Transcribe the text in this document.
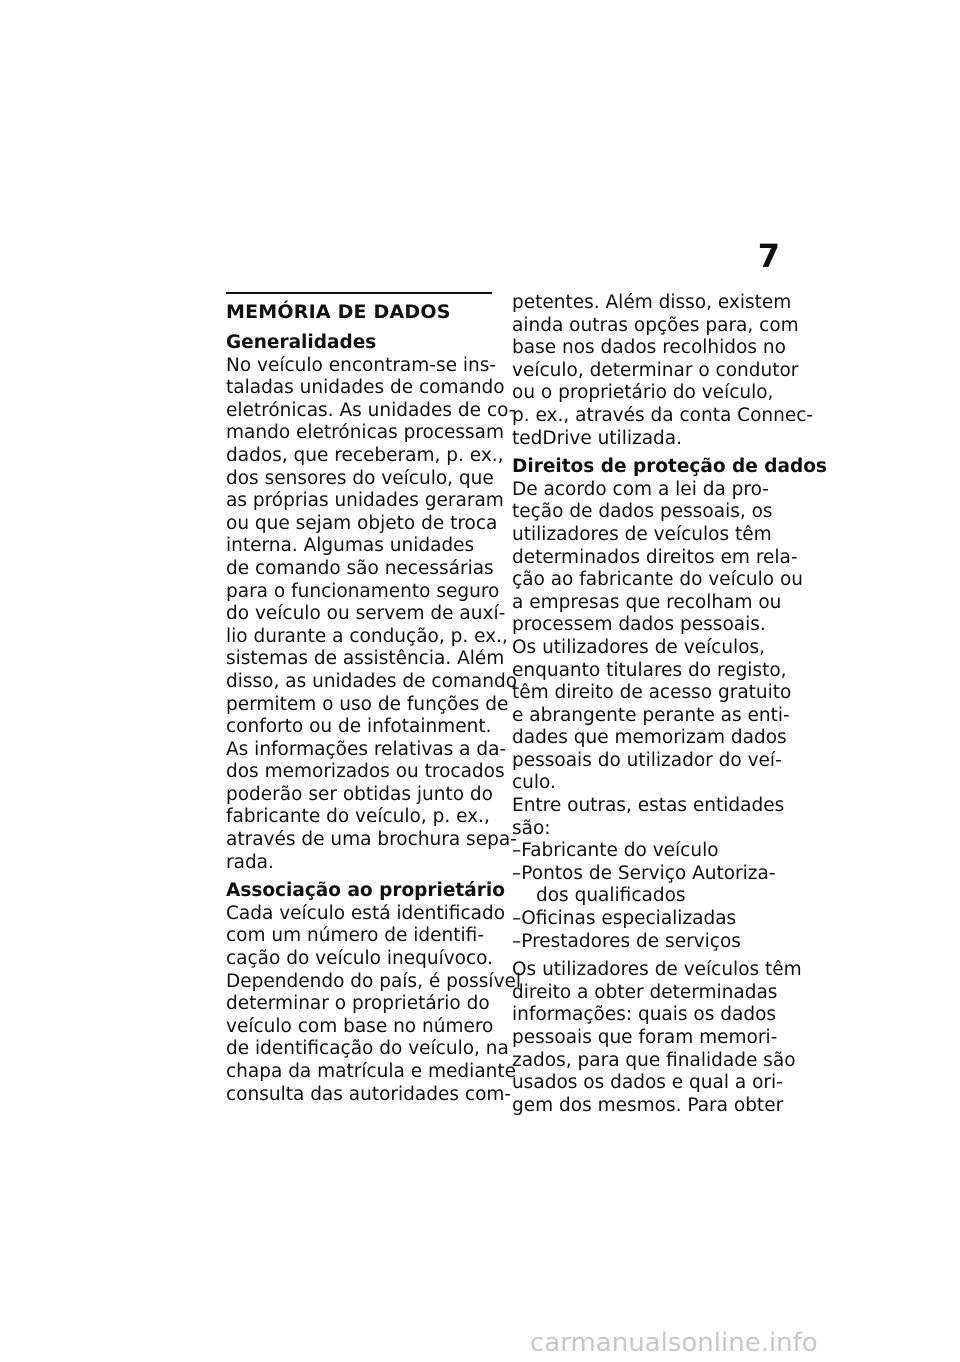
7
MEMÓRIA DE DADOS
Generalidades
No veículo encontram-se ins-
taladas unidades de comando
eletrónicas. As unidades de co-
mando eletrónicas processam
dados, que receberam, p. ex.,
dos sensores do veículo, que
as próprias unidades geraram
ou que sejam objeto de troca
interna. Algumas unidades
de comando são necessárias
para o funcionamento seguro
do veículo ou servem de auxí-
lio durante a condução, p. ex.,
sistemas de assistência. Além
disso, as unidades de comando
permitem o uso de funções de
conforto ou de infotainment.
As informações relativas a da-
dos memorizados ou trocados
poderão ser obtidas junto do
fabricante do veículo, p. ex.,
através de uma brochura sepa-
rada.
Associação ao proprietário
Cada veículo está identificado
com um número de identifi-
cação do veículo inequívoco.
Dependendo do país, é possível
determinar o proprietário do
veículo com base no número
de identificação do veículo, na
chapa da matrícula e mediante
consulta das autoridades com-
petentes. Além disso, existem
ainda outras opções para, com
base nos dados recolhidos no
veículo, determinar o condutor
ou o proprietário do veículo,
p. ex., através da conta Connec-
tedDrive utilizada.
Direitos de proteção de dados
De acordo com a lei da pro-
teção de dados pessoais, os
utilizadores de veículos têm
determinados direitos em rela-
ção ao fabricante do veículo ou
a empresas que recolham ou
processem dados pessoais.
Os utilizadores de veículos,
enquanto titulares do registo,
têm direito de acesso gratuito
e abrangente perante as enti-
dades que memorizam dados
pessoais do utilizador do veí-
culo.
Entre outras, estas entidades
são:
–Fabricante do veículo
–Pontos de Serviço Autoriza-
dos qualificados
–Oficinas especializadas
–Prestadores de serviços
Os utilizadores de veículos têm
direito a obter determinadas
informações: quais os dados
pessoais que foram memori-
zados, para que finalidade são
usados os dados e qual a ori-
gem dos mesmos. Para obter
carmanualsonline.info
